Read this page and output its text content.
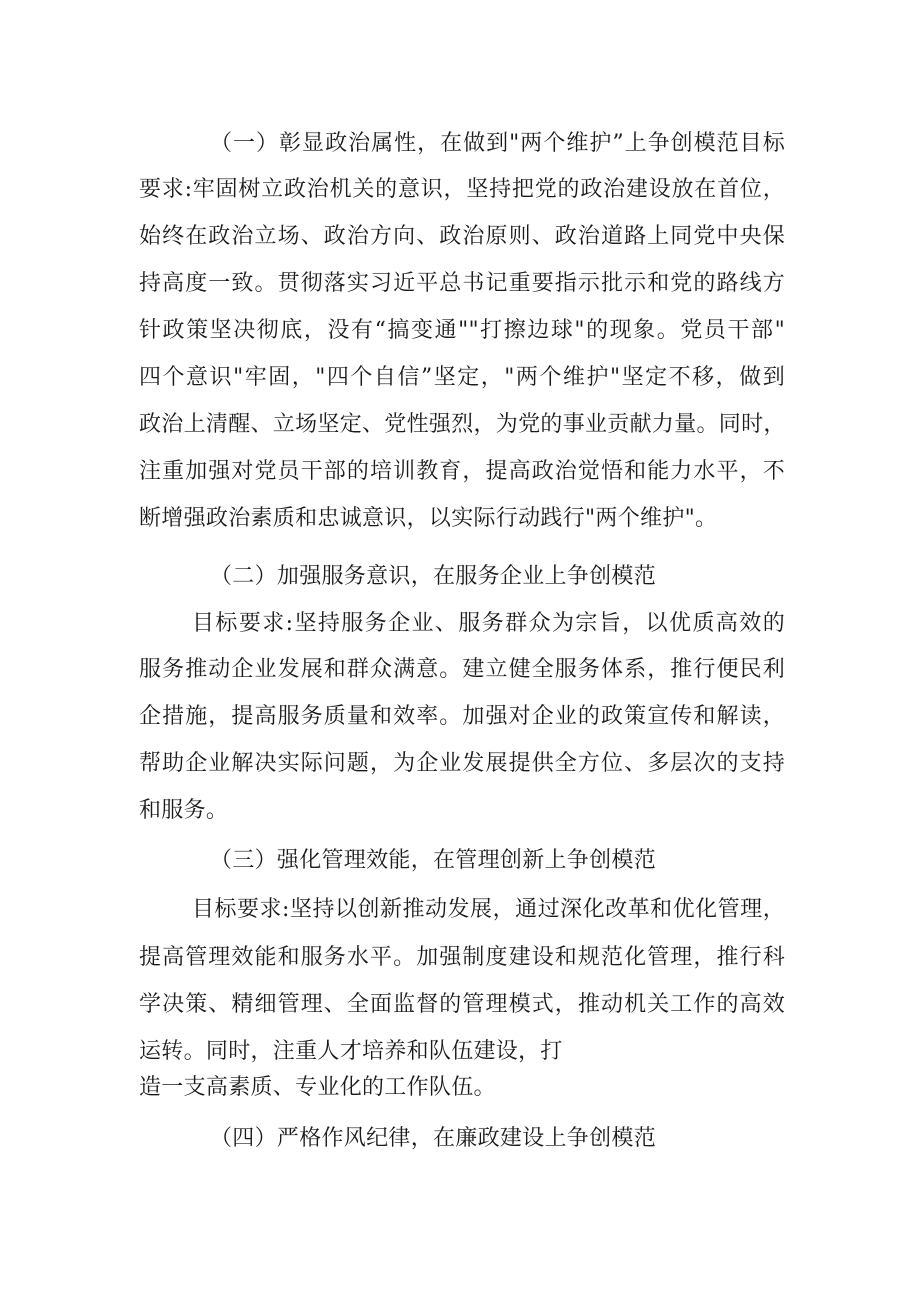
（一）彰显政治属性，在做到"两个维护”上争创模范目标
要求:牢固树立政治机关的意识，坚持把党的政治建设放在首位，
始终在政治立场、政治方向、政治原则、政治道路上同党中央保
持高度一致。贯彻落实习近平总书记重要指示批示和党的路线方
针政策坚决彻底，没有“搞变通""打擦边球"的现象。党员干部"
四个意识"牢固，"四个自信”坚定，"两个维护"坚定不移，做到
政治上清醒、立场坚定、党性强烈，为党的事业贡献力量。同时，
注重加强对党员干部的培训教育，提高政治觉悟和能力水平，不
断增强政治素质和忠诚意识，以实际行动践行"两个维护"。
（二）加强服务意识，在服务企业上争创模范
目标要求:坚持服务企业、服务群众为宗旨，以优质高效的
服务推动企业发展和群众满意。建立健全服务体系，推行便民利
企措施，提高服务质量和效率。加强对企业的政策宣传和解读，
帮助企业解决实际问题，为企业发展提供全方位、多层次的支持
和服务。
（三）强化管理效能，在管理创新上争创模范
目标要求:坚持以创新推动发展，通过深化改革和优化管理，
提高管理效能和服务水平。加强制度建设和规范化管理，推行科
学决策、精细管理、全面监督的管理模式，推动机关工作的高效
运转。同时，注重人才培养和队伍建设，打
造一支高素质、专业化的工作队伍。
（四）严格作风纪律，在廉政建设上争创模范
